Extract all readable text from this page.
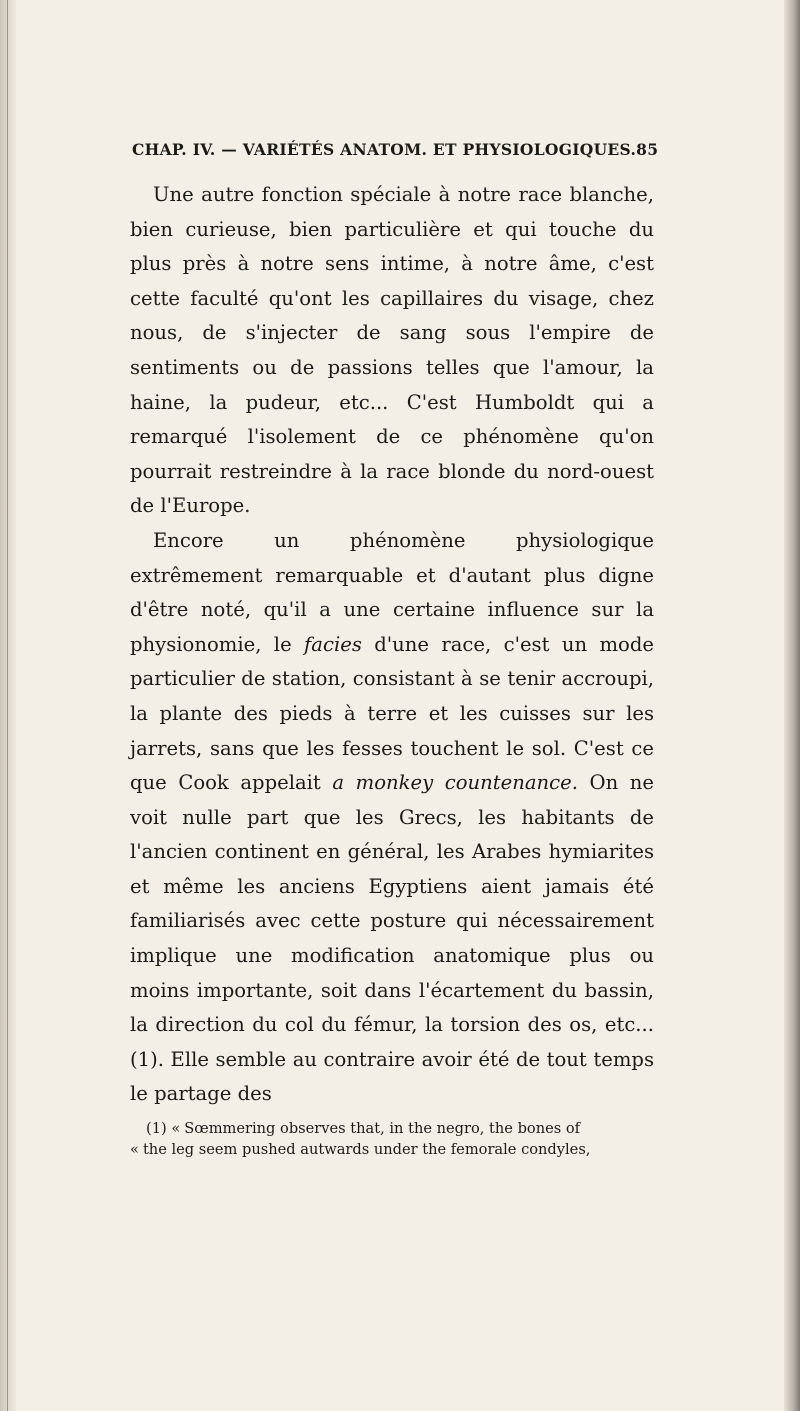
CHAP. IV. — VARIÉTÉS ANATOM. ET PHYSIOLOGIQUES. 85

Une autre fonction spéciale à notre race blanche, bien curieuse, bien particulière et qui touche du plus près à notre sens intime, à notre âme, c'est cette faculté qu'ont les capillaires du visage, chez nous, de s'injecter de sang sous l'empire de sentiments ou de passions telles que l'amour, la haine, la pudeur, etc... C'est Humboldt qui a remarqué l'isolement de ce phénomène qu'on pourrait restreindre à la race blonde du nord-ouest de l'Europe.

Encore un phénomène physiologique extrêmement remarquable et d'autant plus digne d'être noté, qu'il a une certaine influence sur la physionomie, le facies d'une race, c'est un mode particulier de station, consistant à se tenir accroupi, la plante des pieds à terre et les cuisses sur les jarrets, sans que les fesses touchent le sol. C'est ce que Cook appelait a monkey countenance. On ne voit nulle part que les Grecs, les habitants de l'ancien continent en général, les Arabes hymiarites et même les anciens Egyptiens aient jamais été familiarisés avec cette posture qui nécessairement implique une modification anatomique plus ou moins importante, soit dans l'écartement du bassin, la direction du col du fémur, la torsion des os, etc... (1). Elle semble au contraire avoir été de tout temps le partage des

(1) « Sœmmering observes that, in the negro, the bones of

« the leg seem pushed autwards under the femorale condyles,
